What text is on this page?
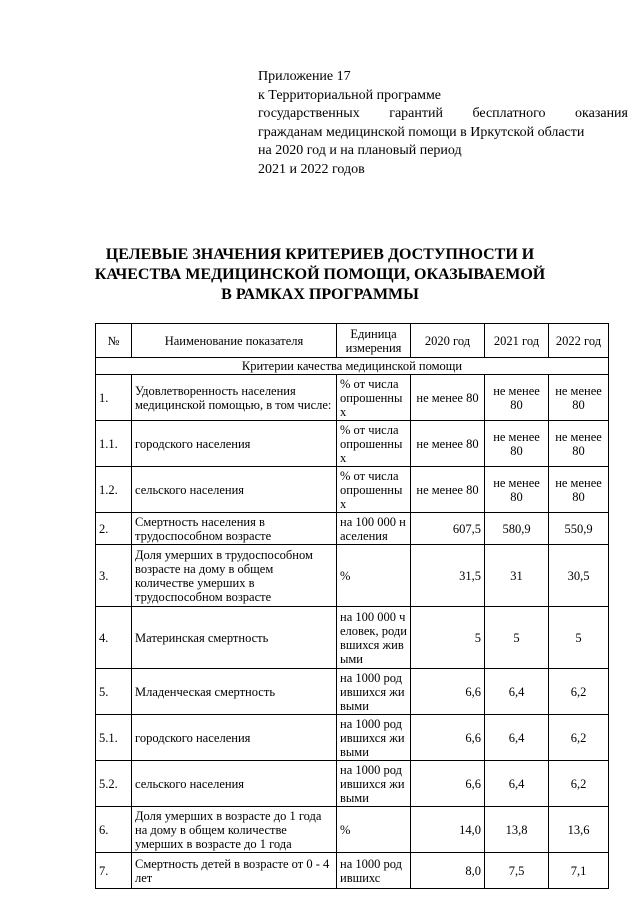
Приложение 17
к Территориальной программе
государственных гарантий бесплатного оказания
гражданам медицинской помощи в Иркутской области
на 2020 год и на плановый период
2021 и 2022 годов
ЦЕЛЕВЫЕ ЗНАЧЕНИЯ КРИТЕРИЕВ ДОСТУПНОСТИ И КАЧЕСТВА МЕДИЦИНСКОЙ ПОМОЩИ, ОКАЗЫВАЕМОЙ В РАМКАХ ПРОГРАММЫ
№	Наименование показателя	Единица измерения	2020 год	2021 год	2022 год
Критерии качества медицинской помощи					
1.	Удовлетворенность населения медицинской помощью, в том числе:	% от числа опрошенных	не менее 80	не менее 80	не менее 80
1.1.	городского населения	% от числа опрошенных	не менее 80	не менее 80	не менее 80
1.2.	сельского населения	% от числа опрошенных	не менее 80	не менее 80	не менее 80
2.	Смертность населения в трудоспособном возрасте	на 100 000 населения	607,5	580,9	550,9
3.	Доля умерших в трудоспособном возрасте на дому в общем количестве умерших в трудоспособном возрасте	%	31,5	31	30,5
4.	Материнская смертность	на 100 000 человек, родившихся живыми	5	5	5
5.	Младенческая смертность	на 1000 родившихся живыми	6,6	6,4	6,2
5.1.	городского населения	на 1000 родившихся живыми	6,6	6,4	6,2
5.2.	сельского населения	на 1000 родившихся живыми	6,6	6,4	6,2
6.	Доля умерших в возрасте до 1 года на дому в общем количестве умерших в возрасте до 1 года	%	14,0	13,8	13,6
7.	Смертность детей в возрасте от 0 - 4 лет	на 1000 родившихс	8,0	7,5	7,1
